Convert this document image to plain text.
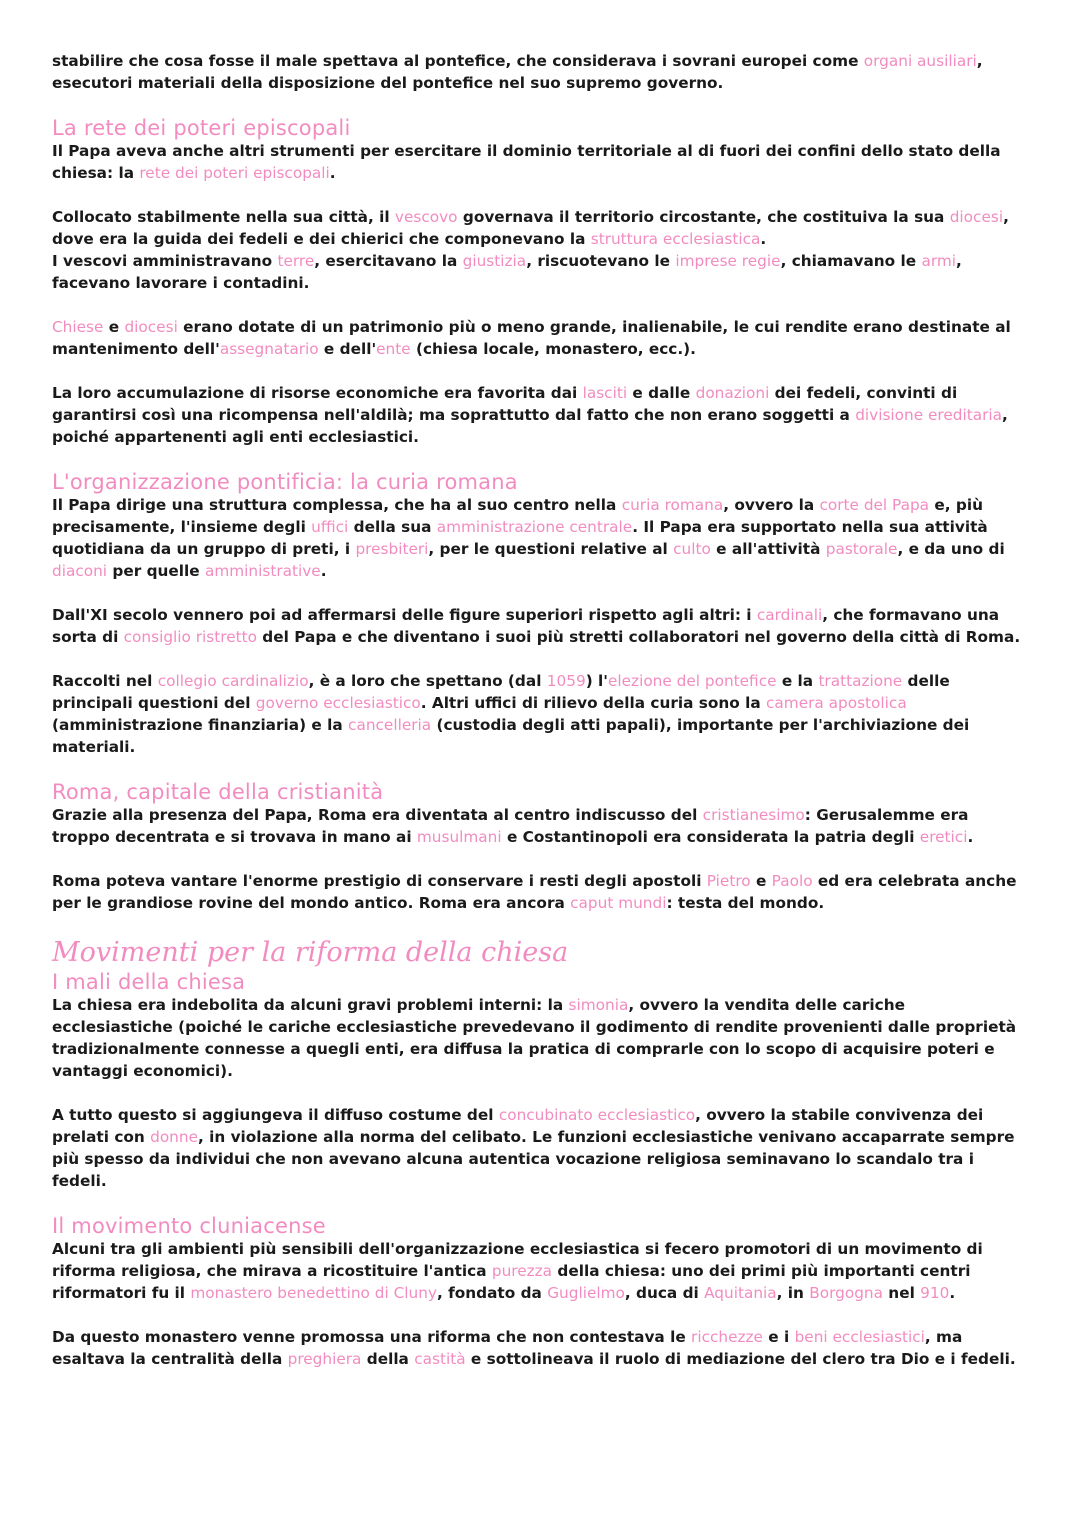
stabilire che cosa fosse il male spettava al pontefice, che considerava i sovrani europei come organi ausiliari, esecutori materiali della disposizione del pontefice nel suo supremo governo.

La rete dei poteri episcopali

Il Papa aveva anche altri strumenti per esercitare il dominio territoriale al di fuori dei confini dello stato della chiesa: la rete dei poteri episcopali.

Collocato stabilmente nella sua città, il vescovo governava il territorio circostante, che costituiva la sua diocesi, dove era la guida dei fedeli e dei chierici che componevano la struttura ecclesiastica.
I vescovi amministravano terre, esercitavano la giustizia, riscuotevano le imprese regie, chiamavano le armi, facevano lavorare i contadini.

Chiese e diocesi erano dotate di un patrimonio più o meno grande, inalienabile, le cui rendite erano destinate al mantenimento dell'assegnatario e dell'ente (chiesa locale, monastero, ecc.).

La loro accumulazione di risorse economiche era favorita dai lasciti e dalle donazioni dei fedeli, convinti di garantirsi così una ricompensa nell'aldilà; ma soprattutto dal fatto che non erano soggetti a divisione ereditaria, poiché appartenenti agli enti ecclesiastici.

L'organizzazione pontificia: la curia romana

Il Papa dirige una struttura complessa, che ha al suo centro nella curia romana, ovvero la corte del Papa e, più precisamente, l'insieme degli uffici della sua amministrazione centrale. Il Papa era supportato nella sua attività quotidiana da un gruppo di preti, i presbiteri, per le questioni relative al culto e all'attività pastorale, e da uno di diaconi per quelle amministrative.

Dall'XI secolo vennero poi ad affermarsi delle figure superiori rispetto agli altri: i cardinali, che formavano una sorta di consiglio ristretto del Papa e che diventano i suoi più stretti collaboratori nel governo della città di Roma.

Raccolti nel collegio cardinalizio, è a loro che spettano (dal 1059) l'elezione del pontefice e la trattazione delle principali questioni del governo ecclesiastico. Altri uffici di rilievo della curia sono la camera apostolica (amministrazione finanziaria) e la cancelleria (custodia degli atti papali), importante per l'archiviazione dei materiali.

Roma, capitale della cristianità

Grazie alla presenza del Papa, Roma era diventata al centro indiscusso del cristianesimo: Gerusalemme era troppo decentrata e si trovava in mano ai musulmani e Costantinopoli era considerata la patria degli eretici.

Roma poteva vantare l'enorme prestigio di conservare i resti degli apostoli Pietro e Paolo ed era celebrata anche per le grandiose rovine del mondo antico. Roma era ancora caput mundi: testa del mondo.

Movimenti per la riforma della chiesa
I mali della chiesa

La chiesa era indebolita da alcuni gravi problemi interni: la simonia, ovvero la vendita delle cariche ecclesiastiche (poiché le cariche ecclesiastiche prevedevano il godimento di rendite provenienti dalle proprietà tradizionalmente connesse a quegli enti, era diffusa la pratica di comprarle con lo scopo di acquisire poteri e vantaggi economici).

A tutto questo si aggiungeva il diffuso costume del concubinato ecclesiastico, ovvero la stabile convivenza dei prelati con donne, in violazione alla norma del celibato. Le funzioni ecclesiastiche venivano accaparrate sempre più spesso da individui che non avevano alcuna autentica vocazione religiosa seminavano lo scandalo tra i fedeli.

Il movimento cluniacense

Alcuni tra gli ambienti più sensibili dell'organizzazione ecclesiastica si fecero promotori di un movimento di riforma religiosa, che mirava a ricostituire l'antica purezza della chiesa: uno dei primi più importanti centri riformatori fu il monastero benedettino di Cluny, fondato da Guglielmo, duca di Aquitania, in Borgogna nel 910.

Da questo monastero venne promossa una riforma che non contestava le ricchezze e i beni ecclesiastici, ma esaltava la centralità della preghiera della castità e sottolineava il ruolo di mediazione del clero tra Dio e i fedeli.
